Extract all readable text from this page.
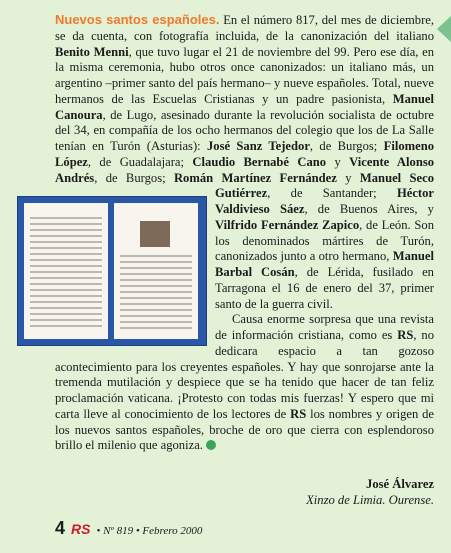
Nuevos santos españoles. En el número 817, del mes de diciembre, se da cuenta, con fotografía incluida, de la canonización del italiano Benito Menni, que tuvo lugar el 21 de noviembre del 99. Pero ese día, en la misma ceremonia, hubo otros once canonizados: un italiano más, un argentino –primer santo del país hermano– y nueve españoles. Total, nueve hermanos de las Escuelas Cristianas y un padre pasionista, Manuel Canoura, de Lugo, asesinado durante la revolución socialista de octubre del 34, en compañía de los ocho hermanos del colegio que los de La Salle tenían en Turón (Asturias): José Sanz Tejedor, de Burgos; Filomeno López, de Guadalajara; Claudio Bernabé Cano y Vicente Alonso Andrés, de Burgos; Román Martínez Fernández
y Manuel Seco Gutiérrez, de Santander; Héctor Valdivieso Sáez, de Buenos Aires, y Vilfrido Fernández Zapico, de León. Son los denominados mártires de Turón, canonizados junto a otro hermano, Manuel Barbal Cosán, de Lérida, fusilado en Tarragona el 16 de enero del 37, primer santo de la guerra civil.

Causa enorme sorpresa que una revista de información cristiana, como es RS, no dedicara espacio a tan gozoso acontecimiento para los creyentes españoles. Y hay que sonrojarse ante la tremenda mutilación y despiece que se ha tenido que hacer de tan feliz proclamación vaticana. ¡Protesto con todas mis fuerzas! Y espero que mi carta lleve al conocimiento de los lectores de RS los nombres y origen de los nuevos santos españoles, broche de oro que cierra con esplendoroso brillo el milenio que agoniza.

José Álvarez
Xinzo de Limia. Ourense.
4 RS • Nº 819 • Febrero 2000
